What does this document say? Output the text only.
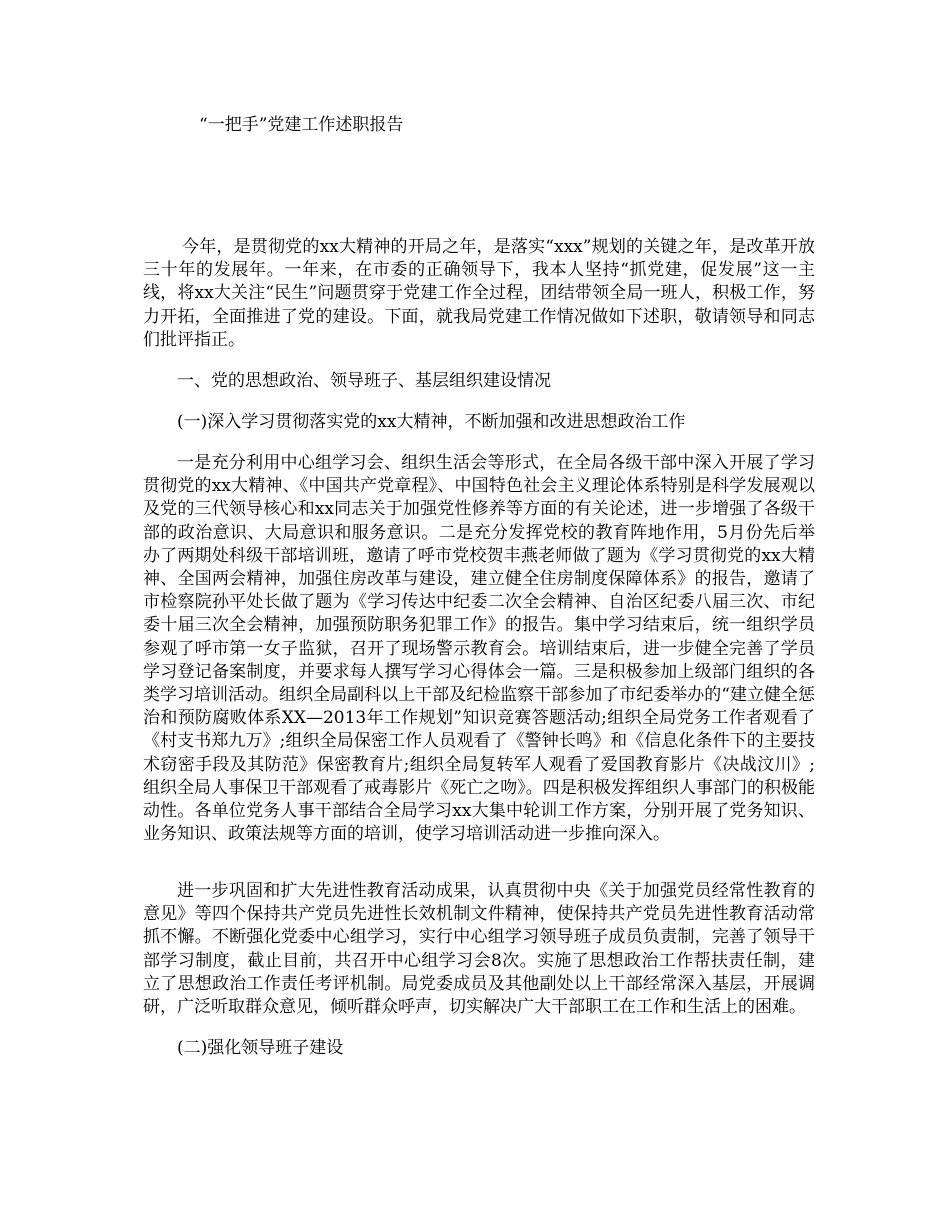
“一把手”党建工作述职报告

今年，是贯彻党的xx大精神的开局之年，是落实“xxx”规划的关键之年，是改革开放三十年的发展年。一年来，在市委的正确领导下，我本人坚持“抓党建，促发展”这一主线，将xx大关注“民生”问题贯穿于党建工作全过程，团结带领全局一班人，积极工作，努力开拓，全面推进了党的建设。下面，就我局党建工作情况做如下述职，敬请领导和同志们批评指正。

一、党的思想政治、领导班子、基层组织建设情况
(一)深入学习贯彻落实党的xx大精神，不断加强和改进思想政治工作

一是充分利用中心组学习会、组织生活会等形式，在全局各级干部中深入开展了学习贯彻党的xx大精神、《中国共产党章程》、中国特色社会主义理论体系特别是科学发展观以及党的三代领导核心和xx同志关于加强党性修养等方面的有关论述，进一步增强了各级干部的政治意识、大局意识和服务意识。二是充分发挥党校的教育阵地作用，5月份先后举办了两期处科级干部培训班，邀请了呼市党校贺丰燕老师做了题为《学习贯彻党的xx大精神、全国两会精神，加强住房改革与建设，建立健全住房制度保障体系》的报告，邀请了市检察院孙平处长做了题为《学习传达中纪委二次全会精神、自治区纪委八届三次、市纪委十届三次全会精神，加强预防职务犯罪工作》的报告。集中学习结束后，统一组织学员参观了呼市第一女子监狱，召开了现场警示教育会。培训结束后，进一步健全完善了学员学习登记备案制度，并要求每人撰写学习心得体会一篇。三是积极参加上级部门组织的各类学习培训活动。组织全局副科以上干部及纪检监察干部参加了市纪委举办的“建立健全惩治和预防腐败体系XX—2013年工作规划”知识竞赛答题活动;组织全局党务工作者观看了《村支书郑九万》;组织全局保密工作人员观看了《警钟长鸣》和《信息化条件下的主要技术窃密手段及其防范》保密教育片;组织全局复转军人观看了爱国教育影片《决战汶川》;组织全局人事保卫干部观看了戒毒影片《死亡之吻》。四是积极发挥组织人事部门的积极能动性。各单位党务人事干部结合全局学习xx大集中轮训工作方案，分别开展了党务知识、业务知识、政策法规等方面的培训，使学习培训活动进一步推向深入。

进一步巩固和扩大先进性教育活动成果，认真贯彻中央《关于加强党员经常性教育的意见》等四个保持共产党员先进性长效机制文件精神，使保持共产党员先进性教育活动常抓不懈。不断强化党委中心组学习，实行中心组学习领导班子成员负责制，完善了领导干部学习制度，截止目前，共召开中心组学习会8次。实施了思想政治工作帮扶责任制，建立了思想政治工作责任考评机制。局党委成员及其他副处以上干部经常深入基层，开展调研，广泛听取群众意见，倾听群众呼声，切实解决广大干部职工在工作和生活上的困难。

(二)强化领导班子建设
